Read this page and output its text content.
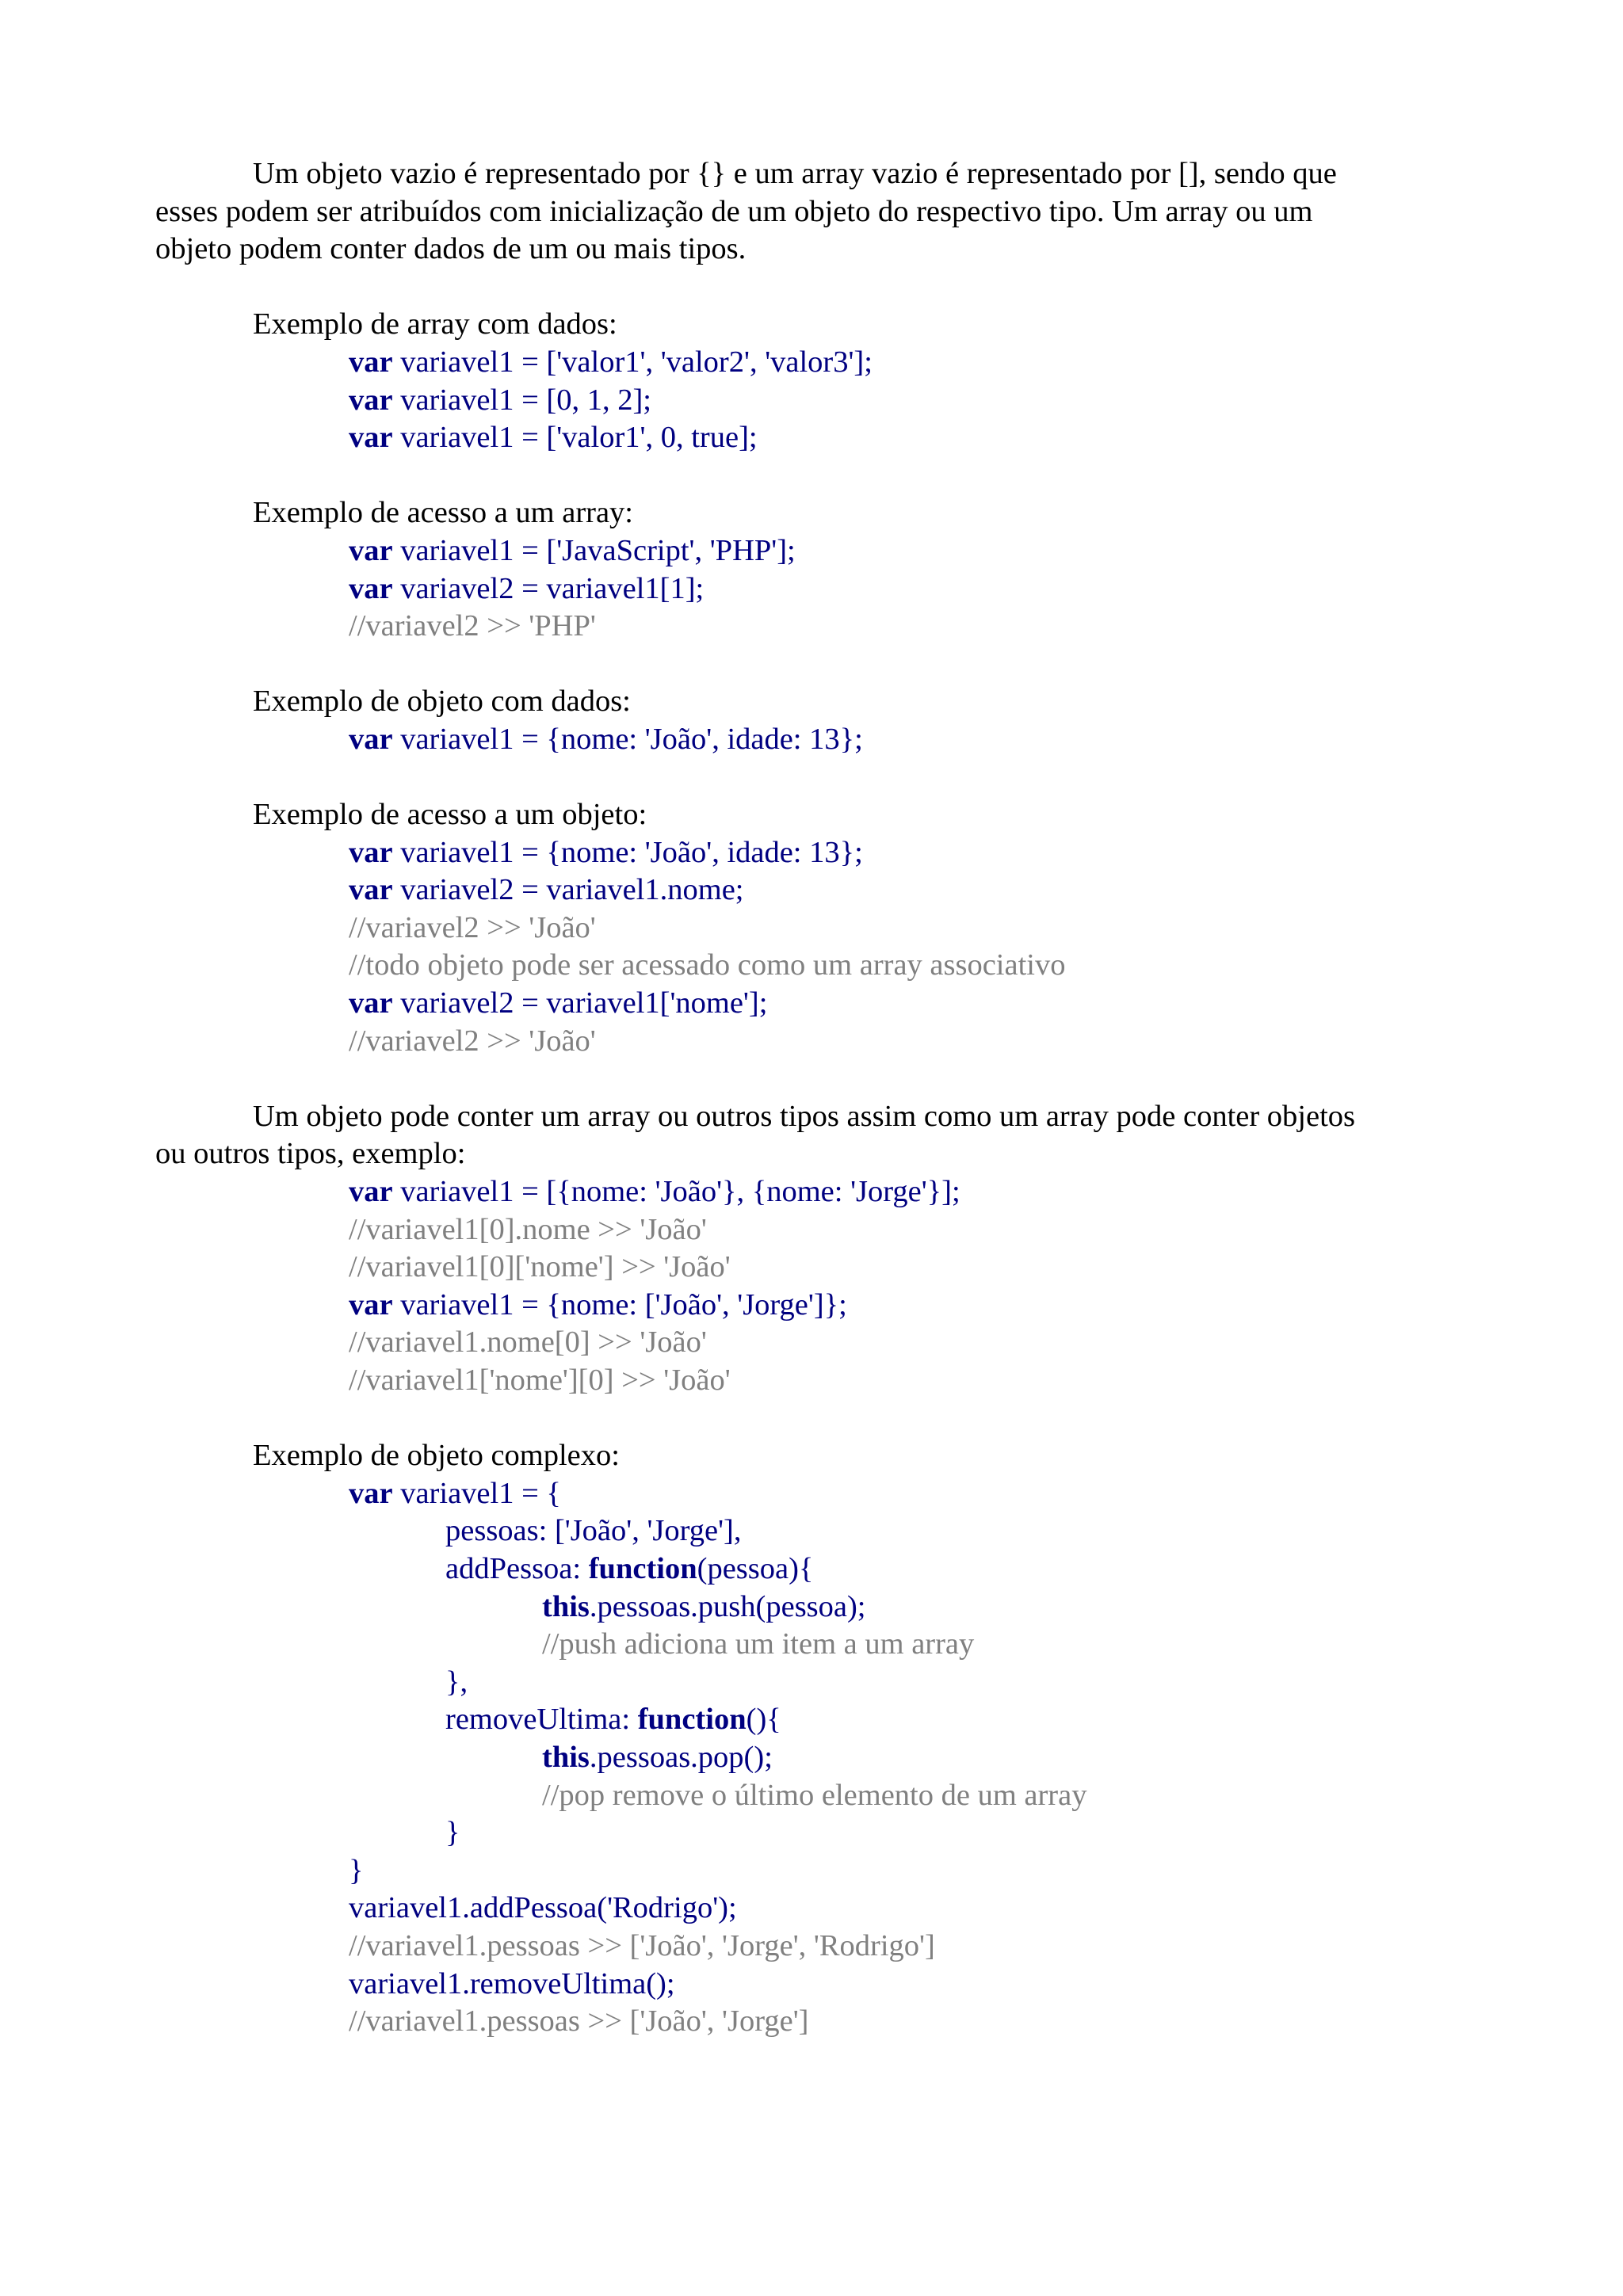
Um objeto vazio é representado por {} e um array vazio é representado por [], sendo que
esses podem ser atribuídos com inicialização de um objeto do respectivo tipo. Um array ou um
objeto podem conter dados de um ou mais tipos.
Exemplo de array com dados:
var variavel1 = ['valor1', 'valor2', 'valor3'];
var variavel1 = [0, 1, 2];
var variavel1 = ['valor1', 0, true];
Exemplo de acesso a um array:
var variavel1 = ['JavaScript', 'PHP'];
var variavel2 = variavel1[1];
//variavel2 >> 'PHP'
Exemplo de objeto com dados:
var variavel1 = {nome: 'João', idade: 13};
Exemplo de acesso a um objeto:
var variavel1 = {nome: 'João', idade: 13};
var variavel2 = variavel1.nome;
//variavel2 >> 'João'
//todo objeto pode ser acessado como um array associativo
var variavel2 = variavel1['nome'];
//variavel2 >> 'João'
Um objeto pode conter um array ou outros tipos assim como um array pode conter objetos
ou outros tipos, exemplo:
var variavel1 = [{nome: 'João'}, {nome: 'Jorge'}];
//variavel1[0].nome >> 'João'
//variavel1[0]['nome'] >> 'João'
var variavel1 = {nome: ['João', 'Jorge']};
//variavel1.nome[0] >> 'João'
//variavel1['nome'][0] >> 'João'
Exemplo de objeto complexo:
var variavel1 = {
pessoas: ['João', 'Jorge'],
addPessoa: function(pessoa){
this.pessoas.push(pessoa);
//push adiciona um item a um array
},
removeUltima: function(){
this.pessoas.pop();
//pop remove o último elemento de um array
}
}
variavel1.addPessoa('Rodrigo');
//variavel1.pessoas >> ['João', 'Jorge', 'Rodrigo']
variavel1.removeUltima();
//variavel1.pessoas >> ['João', 'Jorge']
